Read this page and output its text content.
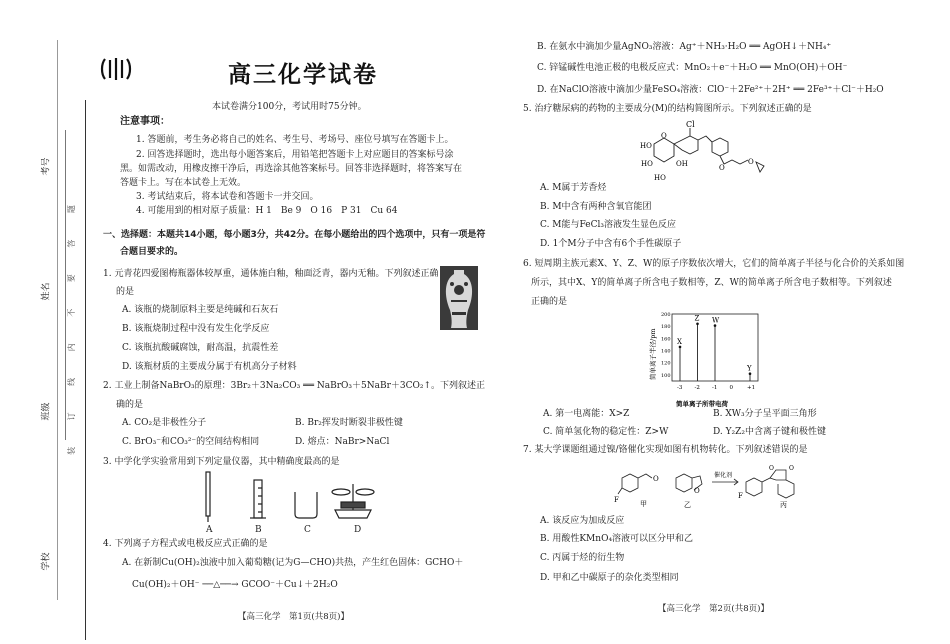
考号
姓名
班级
学校
装 订 线 内 不 要 答 题
高三化学试卷
本试卷满分100分，考试用时75分钟。
注意事项：
1. 答题前，考生务必将自己的姓名、考生号、考场号、座位号填写在答题卡上。
2. 回答选择题时，选出每小题答案后，用铅笔把答题卡上对应题目的答案标号涂
黑。如需改动，用橡皮擦干净后，再选涂其他答案标号。回答非选择题时，将答案写在
答题卡上。写在本试卷上无效。
3. 考试结束后，将本试卷和答题卡一并交回。
4. 可能用到的相对原子质量：H 1　Be 9　O 16　P 31　Cu 64
一、选择题：本题共14小题，每小题3分，共42分。在每小题给出的四个选项中，只有一项是符
合题目要求的。
1. 元青花四爱图梅瓶器体较厚重，通体施白釉，釉面泛青，器内无釉。下列叙述正确
的是
A. 该瓶的烧制原料主要是纯碱和石灰石
B. 该瓶烧制过程中没有发生化学反应
C. 该瓶抗酸碱腐蚀，耐高温，抗震性差
D. 该瓶材质的主要成分属于有机高分子材料
2. 工业上制备NaBrO₃的原理：3Br₂＋3Na₂CO₃ ══ NaBrO₃＋5NaBr＋3CO₂↑。下列叙述正
确的是
A. CO₂是非极性分子	B. Br₂挥发时断裂非极性键
C. BrO₃⁻和CO₃²⁻的空间结构相同	D. 熔点：NaBr>NaCl
3. 中学化学实验常用到下列定量仪器，其中精确度最高的是
A	B	C	D
4. 下列离子方程式或电极反应式正确的是
A. 在新制Cu(OH)₂浊液中加入葡萄糖(记为G—CHO)共热，产生红色固体：GCHO＋
Cu(OH)₂＋OH⁻ ──△──→ GCOO⁻＋Cu↓＋2H₂O
【高三化学　第1页(共8页)】
B. 在氨水中滴加少量AgNO₃溶液：Ag⁺＋NH₃·H₂O ══ AgOH↓＋NH₄⁺
C. 锌锰碱性电池正极的电极反应式：MnO₂＋e⁻＋H₂O ══ MnO(OH)＋OH⁻
D. 在NaClO溶液中滴加少量FeSO₄溶液：ClO⁻＋2Fe²⁺＋2H⁺ ══ 2Fe³⁺＋Cl⁻＋H₂O
5. 治疗糖尿病的药物的主要成分(M)的结构简图所示。下列叙述正确的是
Cl
HO
HO	OH
HO
O
O
O
A. M属于芳香烃
B. M中含有两种含氧官能团
C. M能与FeCl₃溶液发生显色反应
D. 1个M分子中含有6个手性碳原子
6. 短周期主族元素X、Y、Z、W的原子序数依次增大，它们的简单离子半径与化合价的关系如图
所示，其中X、Y的简单离子所含电子数相等，Z、W的简单离子所含电子数相等。下列叙述
正确的是
简单离子半径/pm
简单离子所带电荷
-3 -2 -1 0	+1
100
120
140
160
180
200
X
Z W
Y
A. 第一电离能：X>Z	B. XW₃分子呈平面三角形
C. 简单氢化物的稳定性：Z>W	D. Y₂Z₂中含离子键和极性键
7. 某大学课题组通过镍/铬催化实现如图有机物转化。下列叙述错误的是
F	F
O
O
O	O
催化剂
甲	乙	丙
A. 该反应为加成反应
B. 用酸性KMnO₄溶液可以区分甲和乙
C. 丙属于烃的衍生物
D. 甲和乙中碳原子的杂化类型相同
【高三化学　第2页(共8页)】
